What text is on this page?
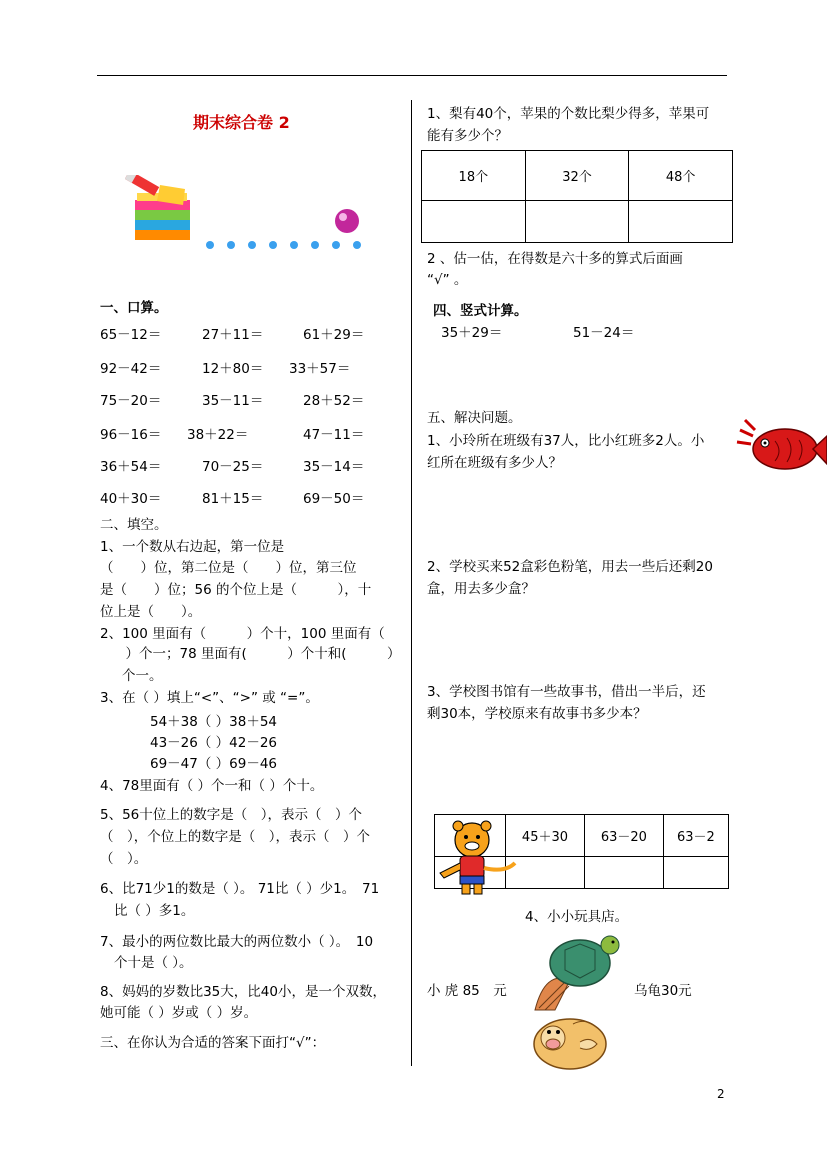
期末综合卷 2
一、口算。
65－12＝	27＋11＝	61＋29＝
92－42＝	12＋80＝ 33＋57＝
75－20＝	35－11＝	28＋52＝
96－16＝ 38＋22＝	47－11＝
36＋54＝	70－25＝	35－14＝
40＋30＝	81＋15＝	69－50＝
二、填空。
1、一个数从右边起，第一位是
（　　）位，第二位是（　　）位，第三位
是（　　）位；56 的个位上是（　　　），十
位上是（　　）。
2、100 里面有（　　　）个十，100 里面有（
　）个一；78 里面有(　　　）个十和(　　　）
个一。
3、在（ ）填上“<”、“>” 或 “=”。
54＋38（ ）38＋54
43－26（ ）42－26
69－47（ ）69－46
4、78里面有（ ）个一和（ ）个十。
5、56十位上的数字是（　），表示（　）个
（　），个位上的数字是（　），表示（　）个
（　）。
6、比71少1的数是（ ）。 71比（ ）少1。　71
比（ ）多1。
7、最小的两位数比最大的两位数小（ ）。　10
个十是（ ）。
8、妈妈的岁数比35大，比40小，是一个双数，
她可能（ ）岁或（ ）岁。
三、在你认为合适的答案下面打“√”：
1、梨有40个，苹果的个数比梨少得多，苹果可
能有多少个？
18个	32个	48个

2 、估一估，在得数是六十多的算式后面画
“√” 。
四、竖式计算。
35＋29＝	51－24＝
五、解决问题。
1、小玲所在班级有37人，比小红班多2人。小
红所在班级有多少人？
2、学校买来52盒彩色粉笔，用去一些后还剩20
盒，用去多少盒？
3、学校图书馆有一些故事书，借出一半后，还
剩30本，学校原来有故事书多少本？
	45＋30	63－20	63－2

4、小小玩具店。
小 虎 85　元	乌龟30元
2
